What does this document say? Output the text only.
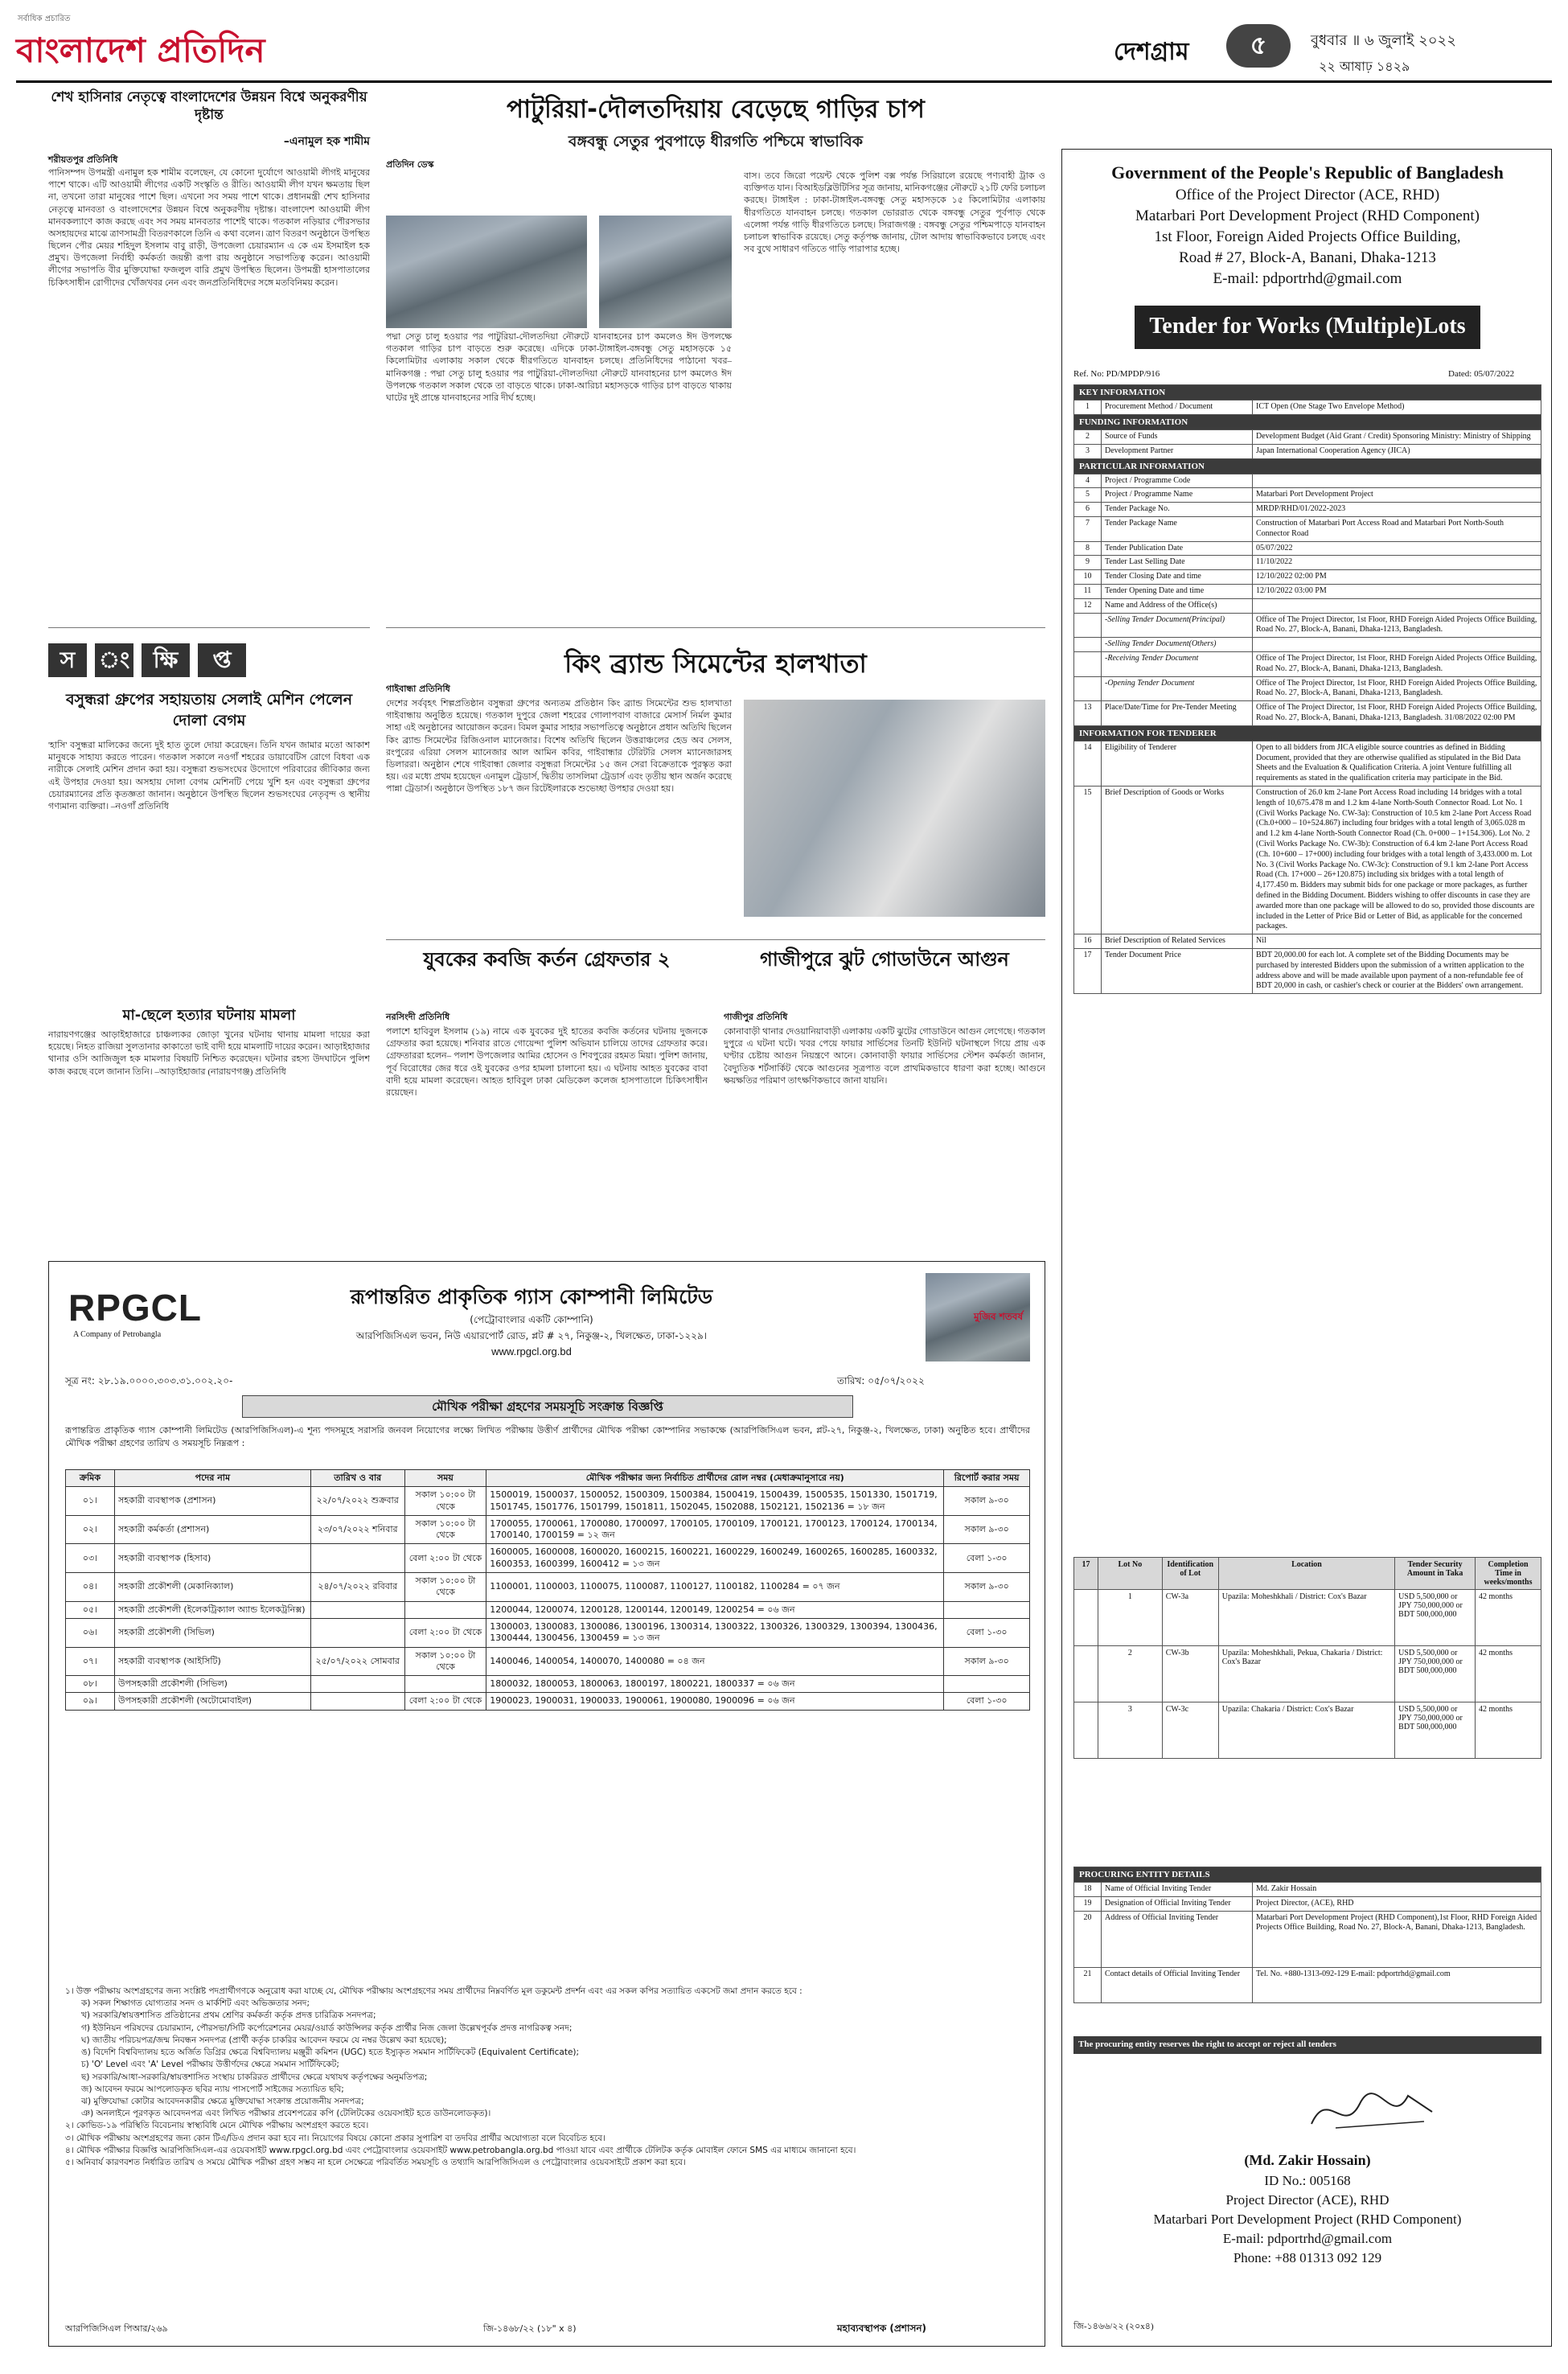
সর্বাধিক প্রচারিত
বাংলাদেশ প্রতিদিন	দেশগ্রাম	৫	বুধবার ॥ ৬ জুলাই ২০২২
২২ আষাঢ় ১৪২৯
শেখ হাসিনার নেতৃত্বে বাংলাদেশের উন্নয়ন বিশ্বে অনুকরণীয় দৃষ্টান্ত
–এনামুল হক শামীম
শরীয়তপুর প্রতিনিধি
পানিসম্পদ উপমন্ত্রী এনামুল হক শামীম বলেছেন, যে কোনো দুর্যোগে আওয়ামী লীগই মানুষের পাশে থাকে। এটি আওয়ামী লীগের একটি সংস্কৃতি ও রীতি। আওয়ামী লীগ যখন ক্ষমতায় ছিল না, তখনো তারা মানুষের পাশে ছিল। এখনো সব সময় পাশে থাকে। প্রধানমন্ত্রী শেখ হাসিনার নেতৃত্বে মানবতা ও বাংলাদেশের উন্নয়ন বিশ্বে অনুকরণীয় দৃষ্টান্ত। বাংলাদেশ আওয়ামী লীগ মানবকল্যাণে কাজ করছে এবং সব সময় মানবতার পাশেই থাকে। গতকাল নড়িয়ার পৌরসভার অসহায়দের মাঝে ত্রাণসামগ্রী বিতরণকালে তিনি এ কথা বলেন। ত্রাণ বিতরণ অনুষ্ঠানে উপস্থিত ছিলেন পৌর মেয়র শহিদুল ইসলাম বাবু রাড়ী, উপজেলা চেয়ারম্যান এ কে এম ইসমাইল হক প্রমুখ। উপজেলা নির্বাহী কর্মকর্তা জয়ন্তী রূপা রায় অনুষ্ঠানে সভাপতিত্ব করেন। আওয়ামী লীগের সভাপতি বীর মুক্তিযোদ্ধা ফজলুল বারি প্রমুখ উপস্থিত ছিলেন। উপমন্ত্রী হাসপাতালের চিকিৎসাধীন রোগীদের খোঁজখবর নেন এবং জনপ্রতিনিধিদের সঙ্গে মতবিনিময় করেন।
পাটুরিয়া-দৌলতদিয়ায় বেড়েছে গাড়ির চাপ
বঙ্গবন্ধু সেতুর পুবপাড়ে ধীরগতি পশ্চিমে স্বাভাবিক
প্রতিদিন ডেস্ক
পদ্মা সেতু চালু হওয়ার পর পাটুরিয়া-দৌলতদিয়া নৌরুটে যানবাহনের চাপ কমলেও ঈদ উপলক্ষে গতকাল গাড়ির চাপ বাড়তে শুরু করেছে। এদিকে ঢাকা-টাঙ্গাইল-বঙ্গবন্ধু সেতু মহাসড়কে ১৫ কিলোমিটার এলাকায় সকাল থেকে ধীরগতিতে যানবাহন চলছে। প্রতিনিধিদের পাঠানো খবর– মানিকগঞ্জ : পদ্মা সেতু চালু হওয়ার পর পাটুরিয়া-দৌলতদিয়া নৌরুটে যানবাহনের চাপ কমলেও ঈদ উপলক্ষে গতকাল সকাল থেকে তা বাড়তে থাকে। ঢাকা-আরিচা মহাসড়কে গাড়ির চাপ বাড়তে থাকায় ঘাটের দুই প্রান্তে যানবাহনের সারি দীর্ঘ হচ্ছে।
বাস। তবে জিরো পয়েন্ট থেকে পুলিশ বক্স পর্যন্ত সিরিয়ালে রয়েছে পণ্যবাহী ট্রাক ও ব্যক্তিগত যান। বিআইডব্লিউটিসির সূত্র জানায়, মানিকগঞ্জের নৌরুটে ২১টি ফেরি চলাচল করছে। টাঙ্গাইল : ঢাকা-টাঙ্গাইল-বঙ্গবন্ধু সেতু মহাসড়কে ১৫ কিলোমিটার এলাকায় ধীরগতিতে যানবাহন চলছে। গতকাল ভোররাত থেকে বঙ্গবন্ধু সেতুর পূর্বপাড় থেকে এলেঙ্গা পর্যন্ত গাড়ি ধীরগতিতে চলছে। সিরাজগঞ্জ : বঙ্গবন্ধু সেতুর পশ্চিমপাড়ে যানবাহন চলাচল স্বাভাবিক রয়েছে। সেতু কর্তৃপক্ষ জানায়, টোল আদায় স্বাভাবিকভাবে চলছে এবং সব বুথে সাধারণ গতিতে গাড়ি পারাপার হচ্ছে।
স	ং	ক্ষি	প্ত
বসুন্ধরা গ্রুপের সহায়তায় সেলাই মেশিন পেলেন দোলা বেগম
'হাসি' বসুন্ধরা মালিকের জন্যে দুই হাত তুলে দোয়া করেছেন। তিনি যখন জামার মতো আকাশ মানুষকে সাহায্য করতে পারেন। গতকাল সকালে নওগাঁ শহরের ডায়াবেটিস রোগে বিধবা এক নারীকে সেলাই মেশিন প্রদান করা হয়। বসুন্ধরা শুভসংঘের উদ্যোগে পরিবারের জীবিকার জন্য এই উপহার দেওয়া হয়। অসহায় দোলা বেগম মেশিনটি পেয়ে খুশি হন এবং বসুন্ধরা গ্রুপের চেয়ারম্যানের প্রতি কৃতজ্ঞতা জানান। অনুষ্ঠানে উপস্থিত ছিলেন শুভসংঘের নেতৃবৃন্দ ও স্থানীয় গণ্যমান্য ব্যক্তিরা। –নওগাঁ প্রতিনিধি
মা-ছেলে হত্যার ঘটনায় মামলা
নারায়ণগঞ্জের আড়াইহাজারে চাঞ্চল্যকর জোড়া খুনের ঘটনায় থানায় মামলা দায়ের করা হয়েছে। নিহত রাজিয়া সুলতানার কাকাতো ভাই বাদী হয়ে মামলাটি দায়ের করেন। আড়াইহাজার থানার ওসি আজিজুল হক মামলার বিষয়টি নিশ্চিত করেছেন। ঘটনার রহস্য উদঘাটনে পুলিশ কাজ করছে বলে জানান তিনি। –আড়াইহাজার (নারায়ণগঞ্জ) প্রতিনিধি
কিং ব্র্যান্ড সিমেন্টের হালখাতা
গাইবান্ধা প্রতিনিধি
দেশের সর্ববৃহৎ শিল্পপ্রতিষ্ঠান বসুন্ধরা গ্রুপের অন্যতম প্রতিষ্ঠান কিং ব্র্যান্ড সিমেন্টের শুভ হালখাতা গাইবান্ধায় অনুষ্ঠিত হয়েছে। গতকাল দুপুরে জেলা শহরের গোলাপবাগ বাজারে মেসার্স নির্মল কুমার সাহা এই অনুষ্ঠানের আয়োজন করেন। বিমল কুমার সাহার সভাপতিত্বে অনুষ্ঠানে প্রধান অতিথি ছিলেন কিং ব্র্যান্ড সিমেন্টের রিজিওনাল ম্যানেজার। বিশেষ অতিথি ছিলেন উত্তরাঞ্চলের হেড অব সেলস, রংপুরের এরিয়া সেলস ম্যানেজার আল আমিন কবির, গাইবান্ধার টেরিটরি সেলস ম্যানেজারসহ ডিলাররা। অনুষ্ঠান শেষে গাইবান্ধা জেলার বসুন্ধরা সিমেন্টের ১৫ জন সেরা বিক্রেতাকে পুরস্কৃত করা হয়। এর মধ্যে প্রথম হয়েছেন এনামুল ট্রেডার্স, দ্বিতীয় তাসলিমা ট্রেডার্স এবং তৃতীয় স্থান অর্জন করেছে পান্না ট্রেডার্স। অনুষ্ঠানে উপস্থিত ১৮৭ জন রিটেইলারকে শুভেচ্ছা উপহার দেওয়া হয়।
যুবকের কবজি কর্তন গ্রেফতার ২
নরসিংদী প্রতিনিধি
পলাশে হাবিবুল ইসলাম (১৯) নামে এক যুবকের দুই হাতের কবজি কর্তনের ঘটনায় দুজনকে গ্রেফতার করা হয়েছে। শনিবার রাতে গোয়েন্দা পুলিশ অভিযান চালিয়ে তাদের গ্রেফতার করে। গ্রেফতাররা হলেন– পলাশ উপজেলার আমির হোসেন ও শিবপুরের রহমত মিয়া। পুলিশ জানায়, পূর্ব বিরোধের জের ধরে ওই যুবকের ওপর হামলা চালানো হয়। এ ঘটনায় আহত যুবকের বাবা বাদী হয়ে মামলা করেছেন। আহত হাবিবুল ঢাকা মেডিকেল কলেজ হাসপাতালে চিকিৎসাধীন রয়েছেন।
গাজীপুরে ঝুট গোডাউনে আগুন
গাজীপুর প্রতিনিধি
কোনাবাড়ী থানার দেওয়ানিয়াবাড়ী এলাকায় একটি ঝুটের গোডাউনে আগুন লেগেছে। গতকাল দুপুরে এ ঘটনা ঘটে। খবর পেয়ে ফায়ার সার্ভিসের তিনটি ইউনিট ঘটনাস্থলে গিয়ে প্রায় এক ঘণ্টার চেষ্টায় আগুন নিয়ন্ত্রণে আনে। কোনাবাড়ী ফায়ার সার্ভিসের স্টেশন কর্মকর্তা জানান, বৈদ্যুতিক শর্টসার্কিট থেকে আগুনের সূত্রপাত বলে প্রাথমিকভাবে ধারণা করা হচ্ছে। আগুনে ক্ষয়ক্ষতির পরিমাণ তাৎক্ষণিকভাবে জানা যায়নি।
RPGCL
A Company of Petrobangla
রূপান্তরিত প্রাকৃতিক গ্যাস কোম্পানী লিমিটেড
(পেট্রোবাংলার একটি কোম্পানি)
আরপিজিসিএল ভবন, নিউ এয়ারপোর্ট রোড, প্লট # ২৭, নিকুঞ্জ-২, খিলক্ষেত, ঢাকা-১২২৯।
www.rpgcl.org.bd
মুজিব শতবর্ষ
সূত্র নং: ২৮.১৯.০০০০.৩০৩.৩১.০০২.২০-	তারিখ: ০৫/০৭/২০২২
মৌখিক পরীক্ষা গ্রহণের সময়সূচি সংক্রান্ত বিজ্ঞপ্তি
রূপান্তরিত প্রাকৃতিক গ্যাস কোম্পানী লিমিটেড (আরপিজিসিএল)-এ শূন্য পদসমূহে সরাসরি জনবল নিয়োগের লক্ষ্যে লিখিত পরীক্ষায় উত্তীর্ণ প্রার্থীদের মৌখিক পরীক্ষা কোম্পানির সভাকক্ষে (আরপিজিসিএল ভবন, প্লট-২৭, নিকুঞ্জ-২, খিলক্ষেত, ঢাকা) অনুষ্ঠিত হবে। প্রার্থীদের মৌখিক পরীক্ষা গ্রহণের তারিখ ও সময়সূচি নিম্নরূপ :
ক্রমিক	পদের নাম	তারিখ ও বার	সময়	মৌখিক পরীক্ষার জন্য নির্বাচিত প্রার্থীদের রোল নম্বর (মেধাক্রমানুসারে নয়)	রিপোর্ট করার সময়
০১।	সহকারী ব্যবস্থাপক (প্রশাসন)	২২/০৭/২০২২ শুক্রবার	সকাল ১০:০০ টা থেকে	1500019, 1500037, 1500052, 1500309, 1500384, 1500419, 1500439, 1500535, 1501330, 1501719, 1501745, 1501776, 1501799, 1501811, 1502045, 1502088, 1502121, 1502136 = ১৮ জন	সকাল ৯-৩০
০২।	সহকারী কর্মকর্তা (প্রশাসন)	২৩/০৭/২০২২ শনিবার	সকাল ১০:০০ টা থেকে	1700055, 1700061, 1700080, 1700097, 1700105, 1700109, 1700121, 1700123, 1700124, 1700134, 1700140, 1700159 = ১২ জন	সকাল ৯-৩০
০৩।	সহকারী ব্যবস্থাপক (হিসাব)		বেলা ২:০০ টা থেকে	1600005, 1600008, 1600020, 1600215, 1600221, 1600229, 1600249, 1600265, 1600285, 1600332, 1600353, 1600399, 1600412 = ১৩ জন	বেলা ১-৩০
০৪।	সহকারী প্রকৌশলী (মেকানিক্যাল)	২৪/০৭/২০২২ রবিবার	সকাল ১০:০০ টা থেকে	1100001, 1100003, 1100075, 1100087, 1100127, 1100182, 1100284 = ০৭ জন	সকাল ৯-৩০
০৫।	সহকারী প্রকৌশলী (ইলেকট্রিক্যাল অ্যান্ড ইলেকট্রনিক্স)			1200044, 1200074, 1200128, 1200144, 1200149, 1200254 = ০৬ জন	
০৬।	সহকারী প্রকৌশলী (সিভিল)		বেলা ২:০০ টা থেকে	1300003, 1300083, 1300086, 1300196, 1300314, 1300322, 1300326, 1300329, 1300394, 1300436, 1300444, 1300456, 1300459 = ১৩ জন	বেলা ১-৩০
০৭।	সহকারী ব্যবস্থাপক (আইসিটি)	২৫/০৭/২০২২ সোমবার	সকাল ১০:০০ টা থেকে	1400046, 1400054, 1400070, 1400080 = ০৪ জন	সকাল ৯-৩০
০৮।	উপসহকারী প্রকৌশলী (সিভিল)			1800032, 1800053, 1800063, 1800197, 1800221, 1800337 = ০৬ জন	
০৯।	উপসহকারী প্রকৌশলী (অটোমোবাইল)		বেলা ২:০০ টা থেকে	1900023, 1900031, 1900033, 1900061, 1900080, 1900096 = ০৬ জন	বেলা ১-৩০
১। উক্ত পরীক্ষায় অংশগ্রহণের জন্য সংশ্লিষ্ট পদপ্রার্থীগণকে অনুরোধ করা যাচ্ছে যে, মৌখিক পরীক্ষায় অংশগ্রহণের সময় প্রার্থীদের নিম্নবর্ণিত মূল ডকুমেন্ট প্রদর্শন এবং এর সকল কপির সত্যায়িত একসেট জমা প্রদান করতে হবে :
ক) সকল শিক্ষাগত যোগ্যতার সনদ ও মার্কশিট এবং অভিজ্ঞতার সনদ;
খ) সরকারি/স্বায়ত্তশাসিত প্রতিষ্ঠানের প্রথম শ্রেণির কর্মকর্তা কর্তৃক প্রদত্ত চারিত্রিক সনদপত্র;
গ) ইউনিয়ন পরিষদের চেয়ারম্যান, পৌরসভা/সিটি কর্পোরেশনের মেয়র/ওয়ার্ড কাউন্সিলর কর্তৃক প্রার্থীর নিজ জেলা উল্লেখপূর্বক প্রদত্ত নাগরিকত্ব সনদ;
ঘ) জাতীয় পরিচয়পত্র/জন্ম নিবন্ধন সনদপত্র (প্রার্থী কর্তৃক চাকরির আবেদন ফরমে যে নম্বর উল্লেখ করা হয়েছে);
ঙ) বিদেশি বিশ্ববিদ্যালয় হতে অর্জিত ডিগ্রির ক্ষেত্রে বিশ্ববিদ্যালয় মঞ্জুরী কমিশন (UGC) হতে ইস্যুকৃত সমমান সার্টিফিকেট (Equivalent Certificate);
চ) 'O' Level এবং 'A' Level পরীক্ষায় উত্তীর্ণদের ক্ষেত্রে সমমান সার্টিফিকেট;
ছ) সরকারি/আধা-সরকারি/স্বায়ত্তশাসিত সংস্থায় চাকরিরত প্রার্থীদের ক্ষেত্রে যথাযথ কর্তৃপক্ষের অনুমতিপত্র;
জ) আবেদন ফরমে আপলোডকৃত ছবির ন্যায় পাসপোর্ট সাইজের সত্যায়িত ছবি;
ঝ) মুক্তিযোদ্ধা কোটার আবেদনকারীর ক্ষেত্রে মুক্তিযোদ্ধা সংক্রান্ত প্রয়োজনীয় সনদপত্র;
ঞ) অনলাইনে পূরণকৃত আবেদনপত্র এবং লিখিত পরীক্ষার প্রবেশপত্রের কপি (টেলিটকের ওয়েবসাইট হতে ডাউনলোডকৃত)।
২। কোভিড-১৯ পরিস্থিতি বিবেচনায় স্বাস্থ্যবিধি মেনে মৌখিক পরীক্ষায় অংশগ্রহণ করতে হবে।
৩। মৌখিক পরীক্ষায় অংশগ্রহণের জন্য কোন টিএ/ডিএ প্রদান করা হবে না। নিয়োগের বিষয়ে কোনো প্রকার সুপারিশ বা তদবির প্রার্থীর অযোগ্যতা বলে বিবেচিত হবে।
৪। মৌখিক পরীক্ষার বিজ্ঞপ্তি আরপিজিসিএল-এর ওয়েবসাইট www.rpgcl.org.bd এবং পেট্রোবাংলার ওয়েবসাইট www.petrobangla.org.bd পাওয়া যাবে এবং প্রার্থীকে টেলিটক কর্তৃক মোবাইল ফোনে SMS এর মাধ্যমে জানানো হবে।
৫। অনিবার্য কারণবশত নির্ধারিত তারিখ ও সময়ে মৌখিক পরীক্ষা গ্রহণ সম্ভব না হলে সেক্ষেত্রে পরিবর্তিত সময়সূচি ও তথ্যাদি আরপিজিসিএল ও পেট্রোবাংলার ওয়েবসাইটে প্রকাশ করা হবে।
আরপিজিসিএল পিআর/২৬৯	জি-১৪৬৮/২২ (১৮" x ৪)	মহাব্যবস্থাপক (প্রশাসন)
Government of the People's Republic of Bangladesh
Office of the Project Director (ACE, RHD)
Matarbari Port Development Project (RHD Component)
1st Floor, Foreign Aided Projects Office Building,
Road # 27, Block-A, Banani, Dhaka-1213
E-mail: pdportrhd@gmail.com
Tender for Works (Multiple)Lots
Ref. No: PD/MPDP/916	Dated: 05/07/2022
KEY INFORMATION		
1	Procurement Method / Document	ICT Open (One Stage Two Envelope Method)
FUNDING INFORMATION		
2	Source of Funds	Development Budget (Aid Grant / Credit) Sponsoring Ministry: Ministry of Shipping
3	Development Partner	Japan International Cooperation Agency (JICA)
PARTICULAR INFORMATION		
4	Project / Programme Code	
5	Project / Programme Name	Matarbari Port Development Project
6	Tender Package No.	MRDP/RHD/01/2022-2023
7	Tender Package Name	Construction of Matarbari Port Access Road and Matarbari Port North-South Connector Road
8	Tender Publication Date	05/07/2022
9	Tender Last Selling Date	11/10/2022
10	Tender Closing Date and time	12/10/2022 02:00 PM
11	Tender Opening Date and time	12/10/2022 03:00 PM
12	Name and Address of the Office(s)	
	-Selling Tender Document(Principal)	Office of The Project Director, 1st Floor, RHD Foreign Aided Projects Office Building, Road No. 27, Block-A, Banani, Dhaka-1213, Bangladesh.
	-Selling Tender Document(Others)	
	-Receiving Tender Document	Office of The Project Director, 1st Floor, RHD Foreign Aided Projects Office Building, Road No. 27, Block-A, Banani, Dhaka-1213, Bangladesh.
	-Opening Tender Document	Office of The Project Director, 1st Floor, RHD Foreign Aided Projects Office Building, Road No. 27, Block-A, Banani, Dhaka-1213, Bangladesh.
13	Place/Date/Time for Pre-Tender Meeting	Office of The Project Director, 1st Floor, RHD Foreign Aided Projects Office Building, Road No. 27, Block-A, Banani, Dhaka-1213, Bangladesh. 31/08/2022 02:00 PM
INFORMATION FOR TENDERER		
14	Eligibility of Tenderer	Open to all bidders from JICA eligible source countries as defined in Bidding Document, provided that they are otherwise qualified as stipulated in the Bid Data Sheets and the Evaluation & Qualification Criteria. A joint Venture fulfilling all requirements as stated in the qualification criteria may participate in the Bid.
15	Brief Description of Goods or Works	Construction of 26.0 km 2-lane Port Access Road including 14 bridges with a total length of 10,675.478 m and 1.2 km 4-lane North-South Connector Road. Lot No. 1 (Civil Works Package No. CW-3a): Construction of 10.5 km 2-lane Port Access Road (Ch.0+000 – 10+524.867) including four bridges with a total length of 3,065.028 m and 1.2 km 4-lane North-South Connector Road (Ch. 0+000 – 1+154.306). Lot No. 2 (Civil Works Package No. CW-3b): Construction of 6.4 km 2-lane Port Access Road (Ch. 10+600 – 17+000) including four bridges with a total length of 3,433.000 m. Lot No. 3 (Civil Works Package No. CW-3c): Construction of 9.1 km 2-lane Port Access Road (Ch. 17+000 – 26+120.875) including six bridges with a total length of 4,177.450 m. Bidders may submit bids for one package or more packages, as further defined in the Bidding Document. Bidders wishing to offer discounts in case they are awarded more than one package will be allowed to do so, provided those discounts are included in the Letter of Price Bid or Letter of Bid, as applicable for the concerned packages.
16	Brief Description of Related Services	Nil
17	Tender Document Price	BDT 20,000.00 for each lot. A complete set of the Bidding Documents may be purchased by interested Bidders upon the submission of a written application to the address above and will be made available upon payment of a non-refundable fee of BDT 20,000 in cash, or cashier's check or courier at the Bidders' own arrangement.
17	Lot No	Identification of Lot	Location	Tender Security Amount in Taka	Completion Time in weeks/months
	1	CW-3a	Upazila: Moheshkhali / District: Cox's Bazar	USD 5,500,000 or JPY 750,000,000 or BDT 500,000,000	42 months
	2	CW-3b	Upazila: Moheshkhali, Pekua, Chakaria / District: Cox's Bazar	USD 5,500,000 or JPY 750,000,000 or BDT 500,000,000	42 months
	3	CW-3c	Upazila: Chakaria / District: Cox's Bazar	USD 5,500,000 or JPY 750,000,000 or BDT 500,000,000	42 months
PROCURING ENTITY DETAILS		
18	Name of Official Inviting Tender	Md. Zakir Hossain
19	Designation of Official Inviting Tender	Project Director, (ACE), RHD
20	Address of Official Inviting Tender	Matarbari Port Development Project (RHD Component),1st Floor, RHD Foreign Aided Projects Office Building, Road No. 27, Block-A, Banani, Dhaka-1213, Bangladesh.
21	Contact details of Official Inviting Tender	Tel. No. +880-1313-092-129 E-mail: pdportrhd@gmail.com
The procuring entity reserves the right to accept or reject all tenders
(Md. Zakir Hossain)
ID No.: 005168
Project Director (ACE), RHD
Matarbari Port Development Project (RHD Component)
E-mail: pdportrhd@gmail.com
Phone: +88 01313 092 129
জি-১৪৬৬/২২ (২০x৪)
